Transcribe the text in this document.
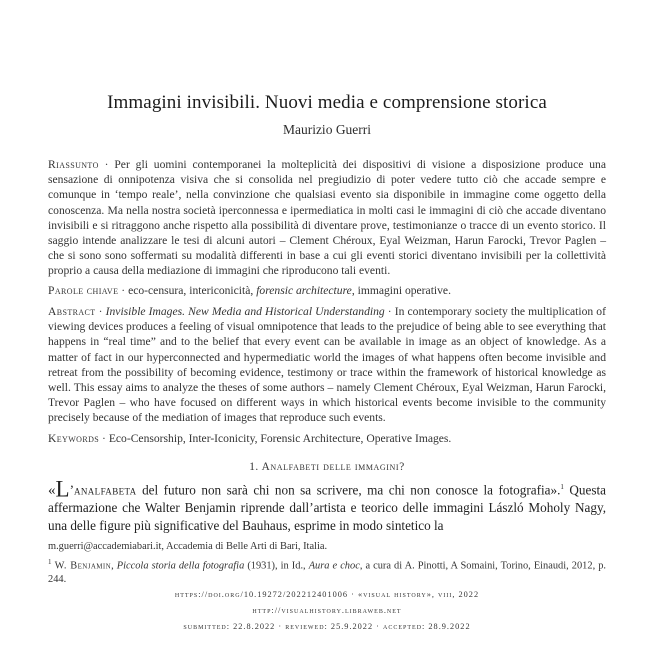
Immagini invisibili. Nuovi media e comprensione storica
Maurizio Guerri
Riassunto · Per gli uomini contemporanei la molteplicità dei dispositivi di visione a disposizione produce una sensazione di onnipotenza visiva che si consolida nel pregiudizio di poter vedere tutto ciò che accade sempre e comunque in ‘tempo reale’, nella convinzione che qualsiasi evento sia disponibile in immagine come oggetto della conoscenza. Ma nella nostra società iperconnessa e ipermediatica in molti casi le immagini di ciò che accade diventano invisibili e si ritraggono anche rispetto alla possibilità di diventare prove, testimonianze o tracce di un evento storico. Il saggio intende analizzare le tesi di alcuni autori – Clement Chéroux, Eyal Weizman, Harun Farocki, Trevor Paglen – che si sono sono soffermati su modalità differenti in base a cui gli eventi storici diventano invisibili per la collettività proprio a causa della mediazione di immagini che riproducono tali eventi.
Parole chiave · eco-censura, intericonicità, forensic architecture, immagini operative.
Abstract · Invisible Images. New Media and Historical Understanding · In contemporary society the multiplication of viewing devices produces a feeling of visual omnipotence that leads to the prejudice of being able to see everything that happens in “real time” and to the belief that every event can be available in image as an object of knowledge. As a matter of fact in our hyperconnected and hypermediatic world the images of what happens often become invisible and retreat from the possibility of becoming evidence, testimony or trace within the framework of historical knowledge as well. This essay aims to analyze the theses of some authors – namely Clement Chéroux, Eyal Weizman, Harun Farocki, Trevor Paglen – who have focused on different ways in which historical events become invisible to the community precisely because of the mediation of images that reproduce such events.
Keywords · Eco-Censorship, Inter-Iconicity, Forensic Architecture, Operative Images.
1. Analfabeti delle immagini?
«L’analfabeta del futuro non sarà chi non sa scrivere, ma chi non conosce la fotografia».$^1$ Questa affermazione che Walter Benjamin riprende dall’artista e teorico delle immagini László Moholy Nagy, una delle figure più significative del Bauhaus, esprime in modo sintetico la
m.guerri@accademiabari.it, Accademia di Belle Arti di Bari, Italia.
$^1$ W. Benjamin, Piccola storia della fotografia (1931), in Id., Aura e choc, a cura di A. Pinotti, A Somaini, Torino, Einaudi, 2012, p. 244.
https://doi.org/10.19272/202212401006 · «visual history», viii, 2022
http://visualhistory.libraweb.net
submitted: 22.8.2022 · reviewed: 25.9.2022 · accepted: 28.9.2022
